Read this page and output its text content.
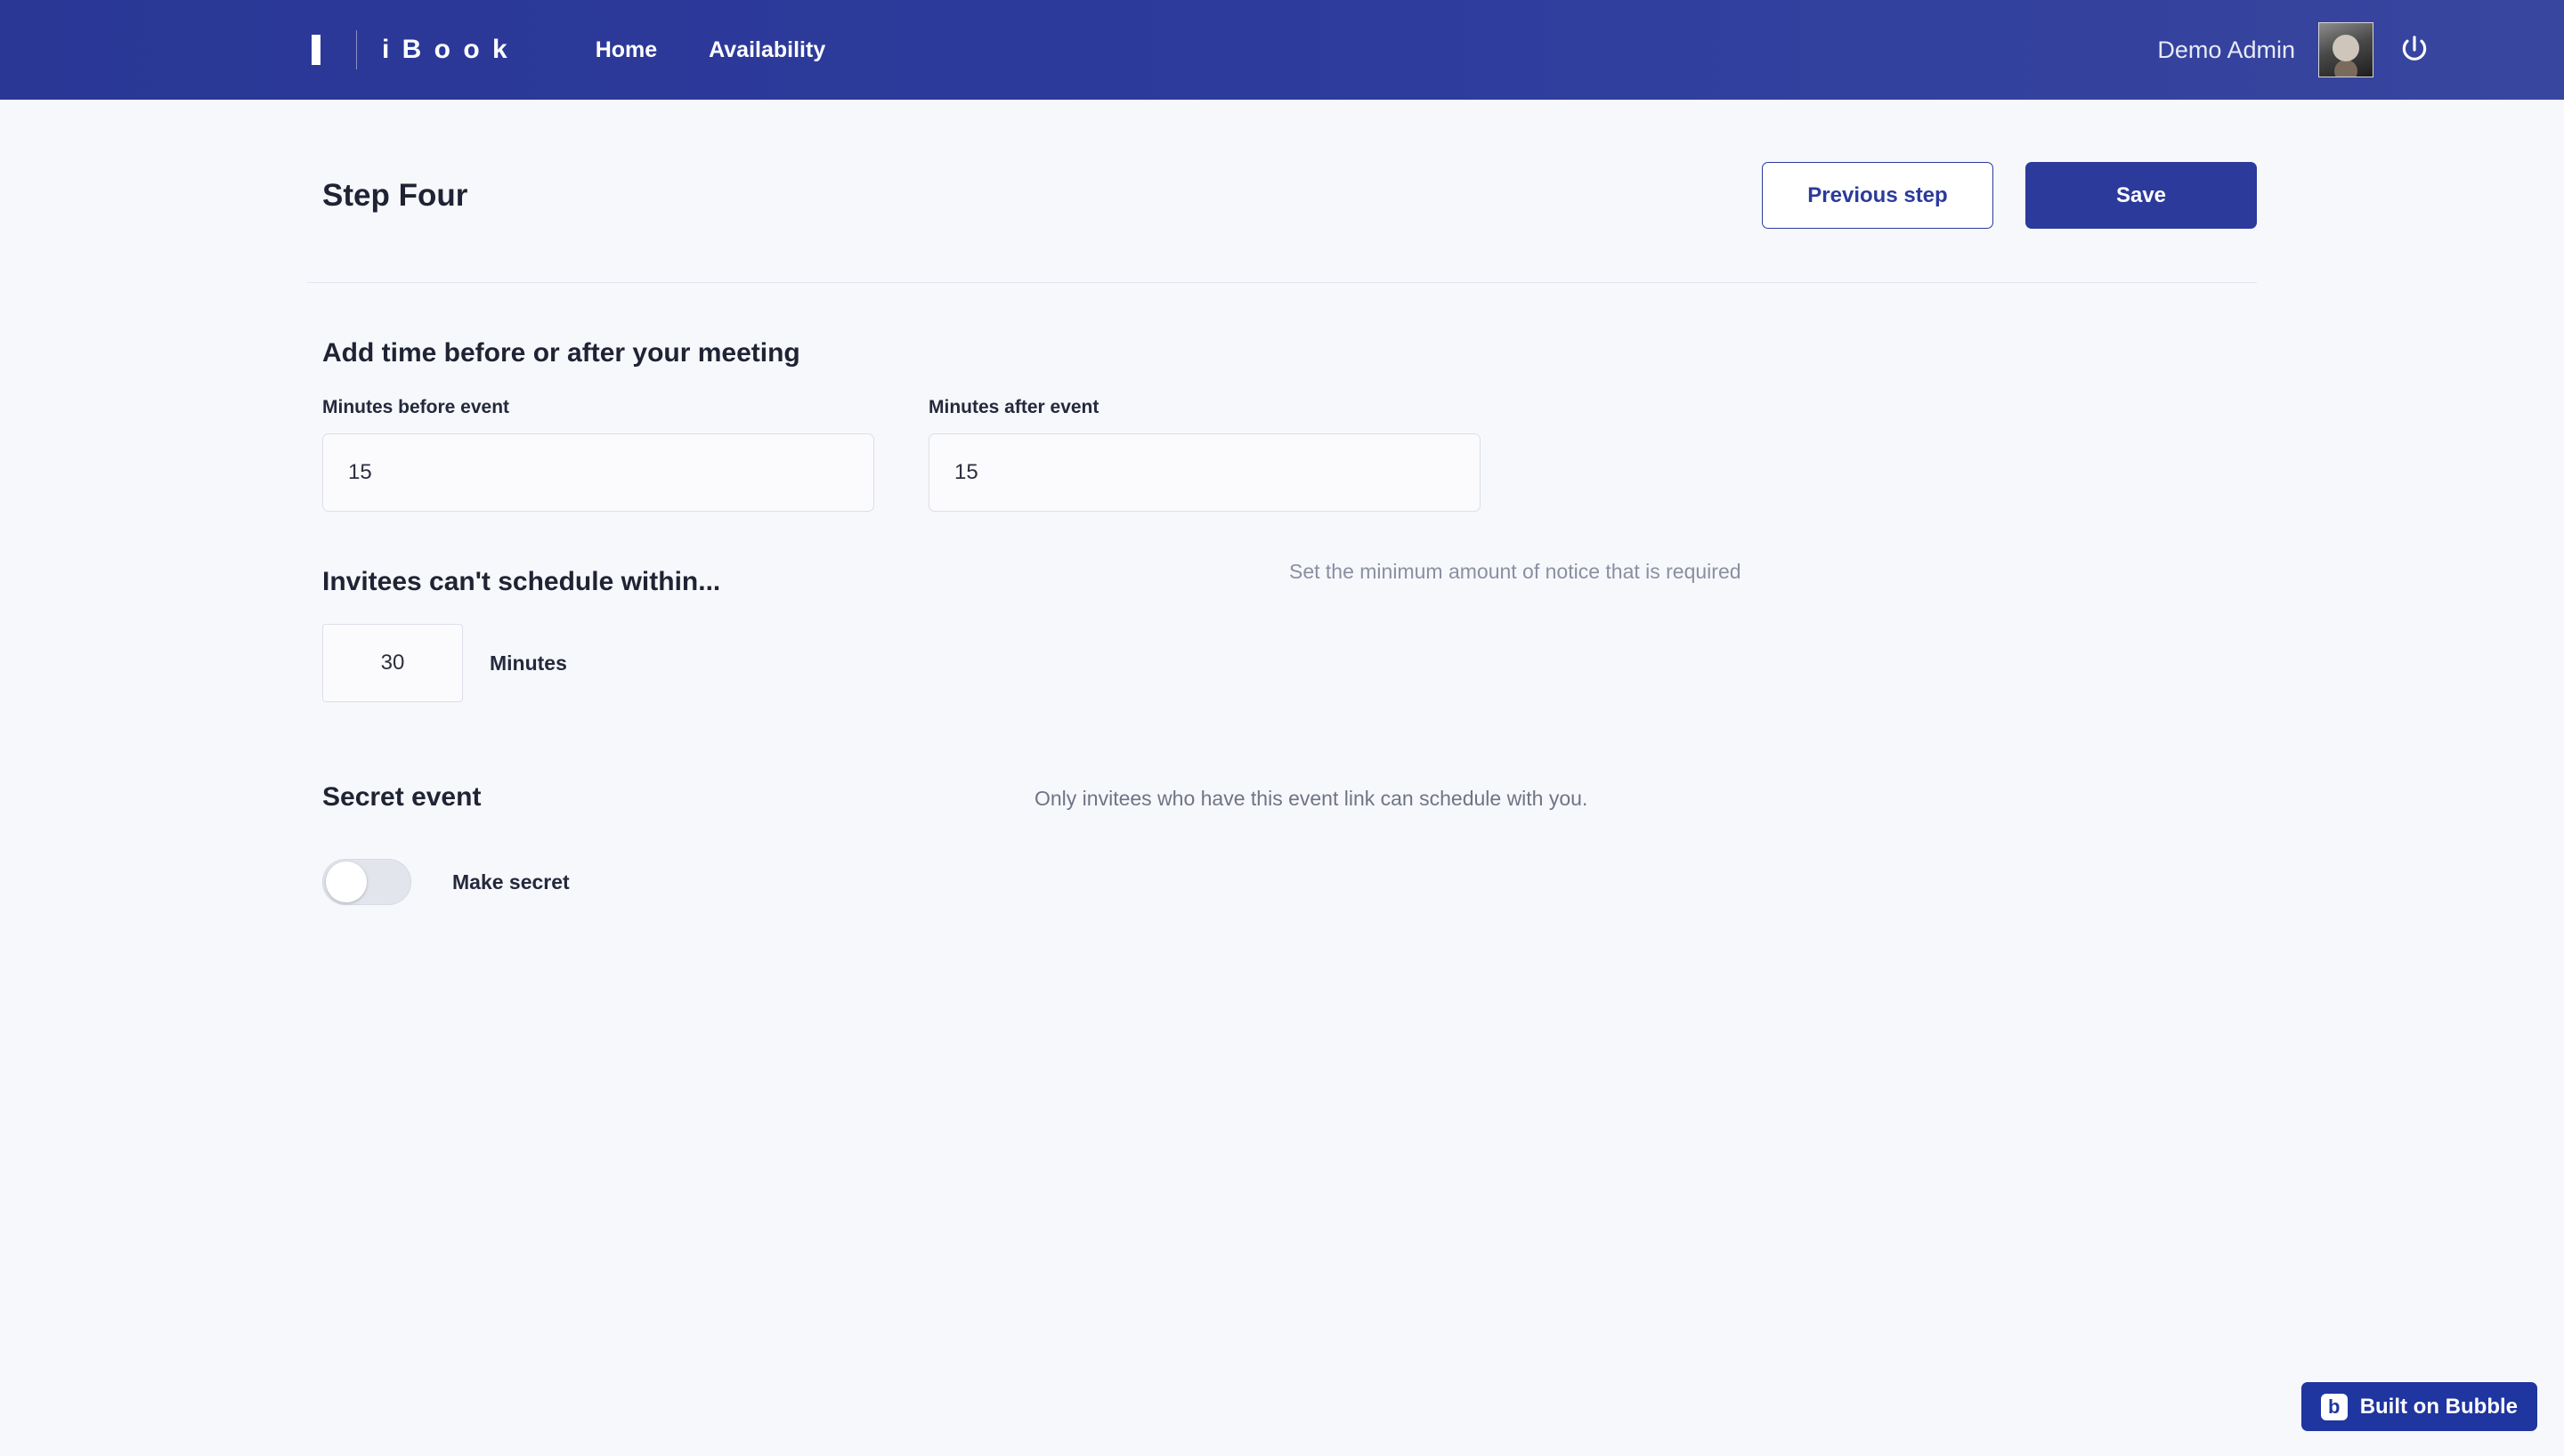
i B o o k	Home Availability	Demo Admin
Step Four	Previous step	Save
Add time before or after your meeting
Minutes before event
15	Minutes after event
15
Invitees can't schedule within...	Set the minimum amount of notice that is required
30
Minutes
Secret event	Only invitees who have this event link can schedule with you.
Make secret
b Built on Bubble
